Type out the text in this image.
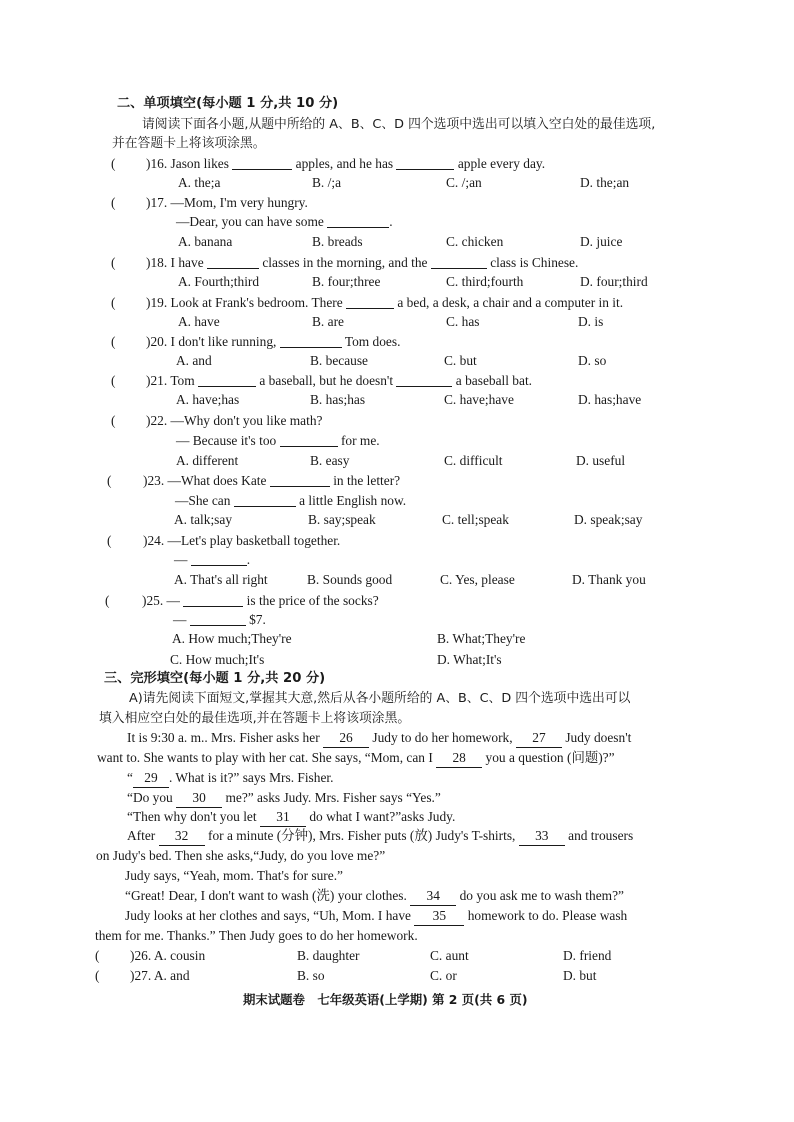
二、单项填空(每小题 1 分,共 10 分)
请阅读下面各小题,从题中所给的 A、B、C、D 四个选项中选出可以填入空白处的最佳选项,
并在答题卡上将该项涂黑。
( )16. Jason likes	apples, and he has	apple every day.
A. the;a	B. /;a	C. /;an	D. the;an
( )17. —Mom, I'm very hungry.
—Dear, you can have some	.
A. banana	B. breads	C. chicken	D. juice
( )18. I have	classes in the morning, and the	class is Chinese.
A. Fourth;third	B. four;three	C. third;fourth	D. four;third
( )19. Look at Frank's bedroom. There	a bed, a desk, a chair and a computer in it.
A. have	B. are	C. has	D. is
( )20. I don't like running,	Tom does.
A. and	B. because	C. but	D. so
( )21. Tom	a baseball, but he doesn't	a baseball bat.
A. have;has	B. has;has	C. have;have	D. has;have
( )22. —Why don't you like math?
— Because it's too	for me.
A. different	B. easy	C. difficult	D. useful
( )23. —What does Kate	in the letter?
—She can	a little English now.
A. talk;say	B. say;speak	C. tell;speak	D. speak;say
( )24. —Let's play basketball together.
—	.
A. That's all right	B. Sounds good	C. Yes, please	D. Thank you
( )25. —	is the price of the socks?
—	$7.
A. How much;They're	B. What;They're
C. How much;It's	D. What;It's
三、完形填空(每小题 1 分,共 20 分)
A)请先阅读下面短文,掌握其大意,然后从各小题所给的 A、B、C、D 四个选项中选出可以
填入相应空白处的最佳选项,并在答题卡上将该项涂黑。
It is 9:30 a. m.. Mrs. Fisher asks her 26 Judy to do her homework, 27 Judy doesn't
want to. She wants to play with her cat. She says, “Mom, can I 28 you a question (问题)?”
“ 29 . What is it?” says Mrs. Fisher.
“Do you 30 me?” asks Judy. Mrs. Fisher says “Yes.”
“Then why don't you let 31 do what I want?”asks Judy.
After 32 for a minute (分钟), Mrs. Fisher puts (放) Judy's T-shirts, 33 and trousers
on Judy's bed. Then she asks,“Judy, do you love me?”
Judy says, “Yeah, mom. That's for sure.”
“Great! Dear, I don't want to wash (洗) your clothes. 34 do you ask me to wash them?”
Judy looks at her clothes and says, “Uh, Mom. I have 35 homework to do. Please wash
them for me. Thanks.” Then Judy goes to do her homework.
( )26. A. cousin	B. daughter	C. aunt	D. friend
( )27. A. and	B. so	C. or	D. but
期末试题卷　七年级英语(上学期) 第 2 页(共 6 页)
